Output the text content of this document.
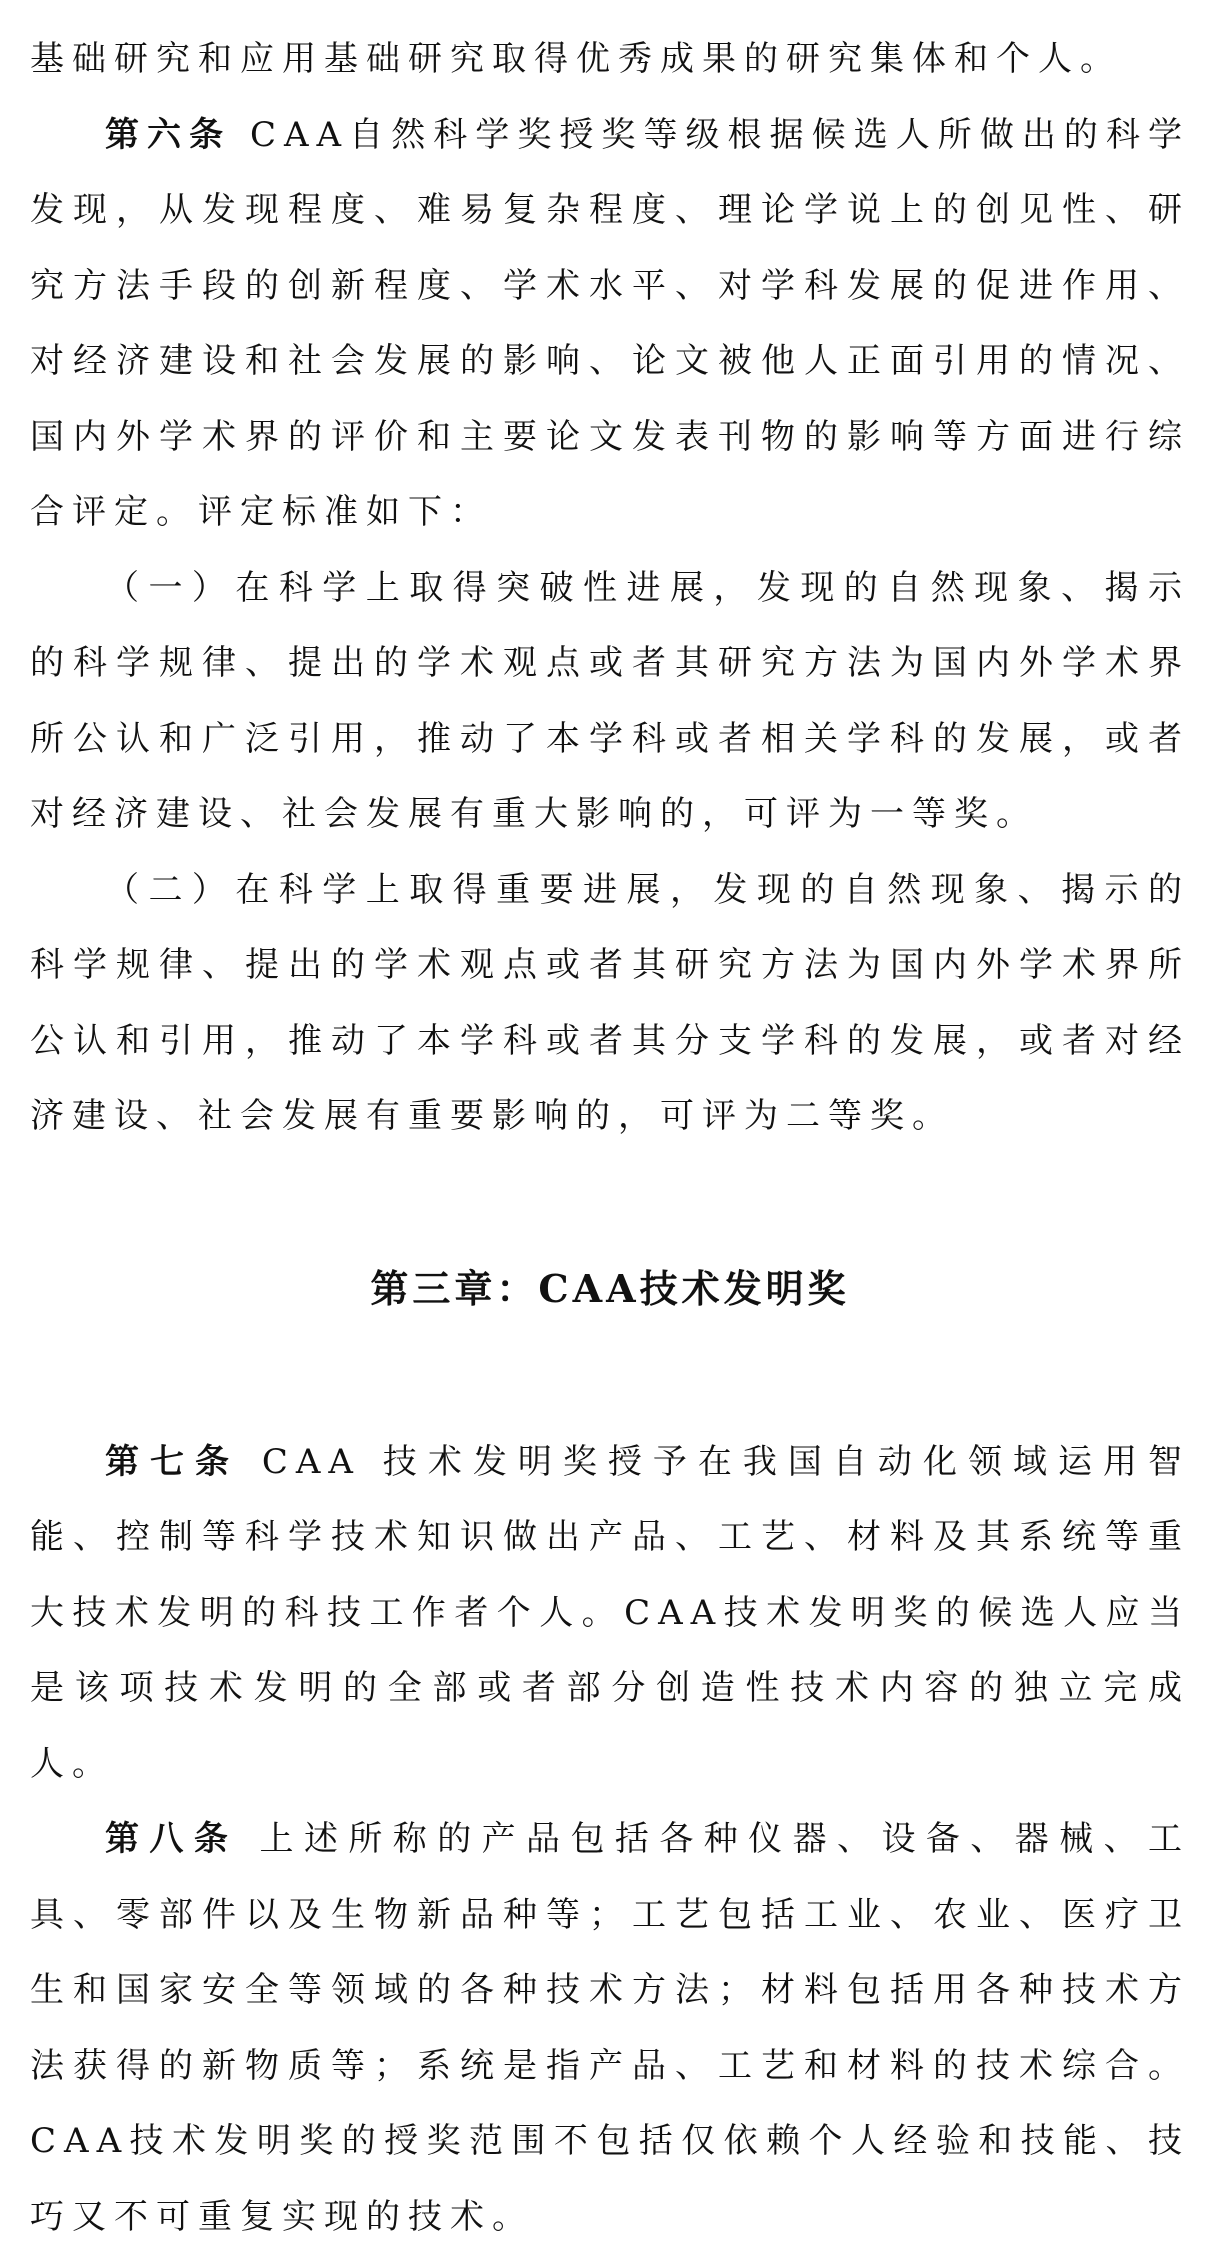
基础研究和应用基础研究取得优秀成果的研究集体和个人。

第六条 CAA自然科学奖授奖等级根据候选人所做出的科学发现，从发现程度、难易复杂程度、理论学说上的创见性、研究方法手段的创新程度、学术水平、对学科发展的促进作用、对经济建设和社会发展的影响、论文被他人正面引用的情况、国内外学术界的评价和主要论文发表刊物的影响等方面进行综合评定。评定标准如下：

（一）在科学上取得突破性进展，发现的自然现象、揭示的科学规律、提出的学术观点或者其研究方法为国内外学术界所公认和广泛引用，推动了本学科或者相关学科的发展，或者对经济建设、社会发展有重大影响的，可评为一等奖。

（二）在科学上取得重要进展，发现的自然现象、揭示的科学规律、提出的学术观点或者其研究方法为国内外学术界所公认和引用，推动了本学科或者其分支学科的发展，或者对经济建设、社会发展有重要影响的，可评为二等奖。

第三章：CAA技术发明奖

第七条 CAA 技术发明奖授予在我国自动化领域运用智能、控制等科学技术知识做出产品、工艺、材料及其系统等重大技术发明的科技工作者个人。CAA技术发明奖的候选人应当是该项技术发明的全部或者部分创造性技术内容的独立完成人。

第八条 上述所称的产品包括各种仪器、设备、器械、工具、零部件以及生物新品种等；工艺包括工业、农业、医疗卫生和国家安全等领域的各种技术方法；材料包括用各种技术方法获得的新物质等；系统是指产品、工艺和材料的技术综合。CAA技术发明奖的授奖范围不包括仅依赖个人经验和技能、技巧又不可重复实现的技术。
